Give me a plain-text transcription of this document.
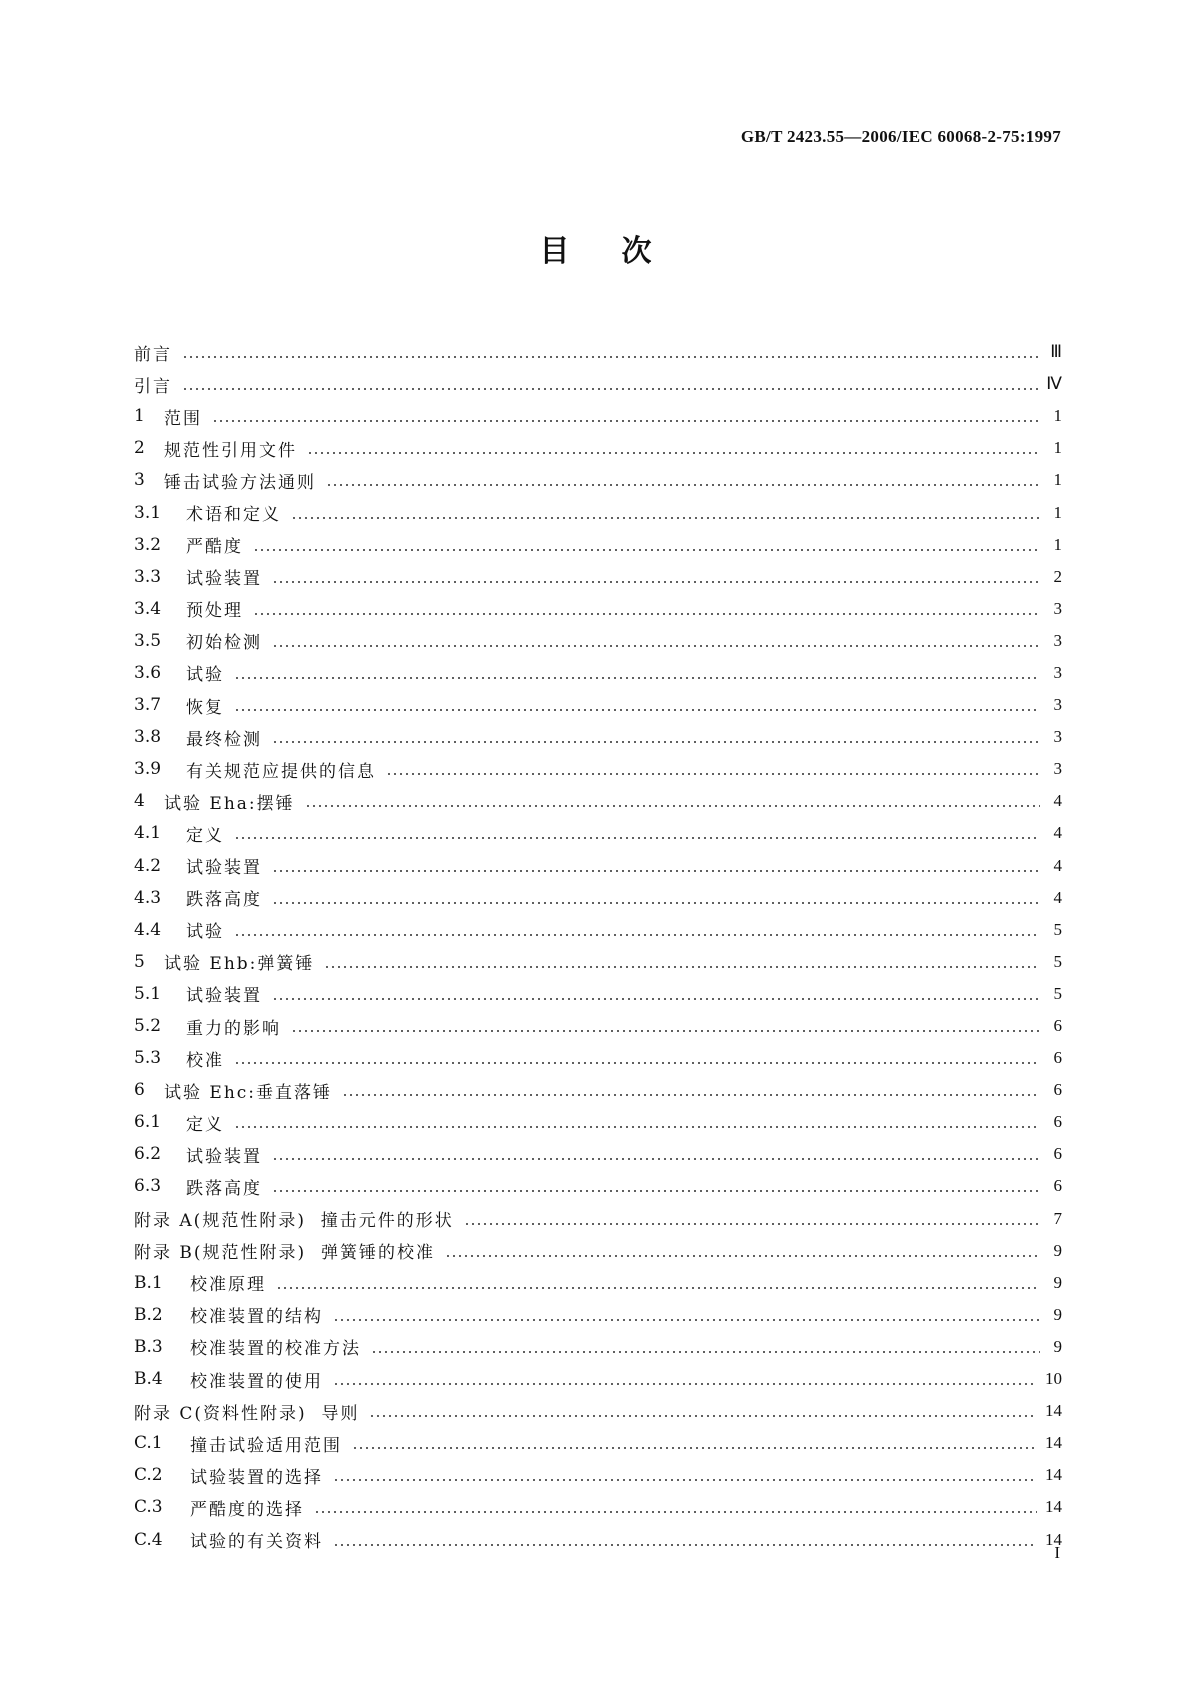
GB/T 2423.55—2006/IEC 60068-2-75:1997
目次
前言	Ⅲ
引言	Ⅳ
1	范围	1
2	规范性引用文件	1
3	锤击试验方法通则	1
3.1	术语和定义	1
3.2	严酷度	1
3.3	试验装置	2
3.4	预处理	3
3.5	初始检测	3
3.6	试验	3
3.7	恢复	3
3.8	最终检测	3
3.9	有关规范应提供的信息	3
4	试验 Eha:摆锤	4
4.1	定义	4
4.2	试验装置	4
4.3	跌落高度	4
4.4	试验	5
5	试验 Ehb:弹簧锤	5
5.1	试验装置	5
5.2	重力的影响	6
5.3	校准	6
6	试验 Ehc:垂直落锤	6
6.1	定义	6
6.2	试验装置	6
6.3	跌落高度	6
附录 A(规范性附录)  撞击元件的形状	7
附录 B(规范性附录)  弹簧锤的校准	9
B.1	校准原理	9
B.2	校准装置的结构	9
B.3	校准装置的校准方法	9
B.4	校准装置的使用	10
附录 C(资料性附录)  导则	14
C.1	撞击试验适用范围	14
C.2	试验装置的选择	14
C.3	严酷度的选择	14
C.4	试验的有关资料	14
I
